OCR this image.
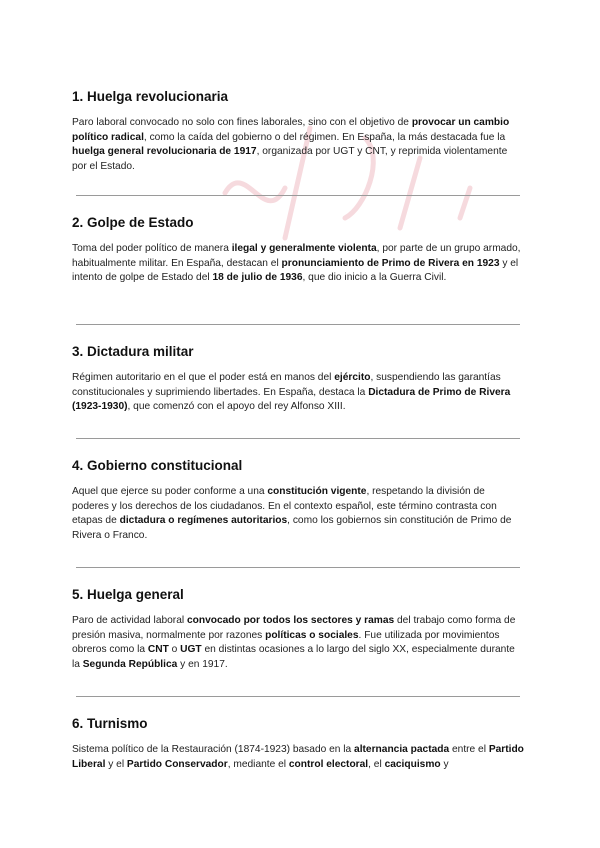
1. Huelga revolucionaria

Paro laboral convocado no solo con fines laborales, sino con el objetivo de provocar un cambio político radical, como la caída del gobierno o del régimen. En España, la más destacada fue la huelga general revolucionaria de 1917, organizada por UGT y CNT, y reprimida violentamente por el Estado.

2. Golpe de Estado

Toma del poder político de manera ilegal y generalmente violenta, por parte de un grupo armado, habitualmente militar. En España, destacan el pronunciamiento de Primo de Rivera en 1923 y el intento de golpe de Estado del 18 de julio de 1936, que dio inicio a la Guerra Civil.

3. Dictadura militar

Régimen autoritario en el que el poder está en manos del ejército, suspendiendo las garantías constitucionales y suprimiendo libertades. En España, destaca la Dictadura de Primo de Rivera (1923-1930), que comenzó con el apoyo del rey Alfonso XIII.

4. Gobierno constitucional

Aquel que ejerce su poder conforme a una constitución vigente, respetando la división de poderes y los derechos de los ciudadanos. En el contexto español, este término contrasta con etapas de dictadura o regímenes autoritarios, como los gobiernos sin constitución de Primo de Rivera o Franco.

5. Huelga general

Paro de actividad laboral convocado por todos los sectores y ramas del trabajo como forma de presión masiva, normalmente por razones políticas o sociales. Fue utilizada por movimientos obreros como la CNT o UGT en distintas ocasiones a lo largo del siglo XX, especialmente durante la Segunda República y en 1917.

6. Turnismo

Sistema político de la Restauración (1874-1923) basado en la alternancia pactada entre el Partido Liberal y el Partido Conservador, mediante el control electoral, el caciquismo y
